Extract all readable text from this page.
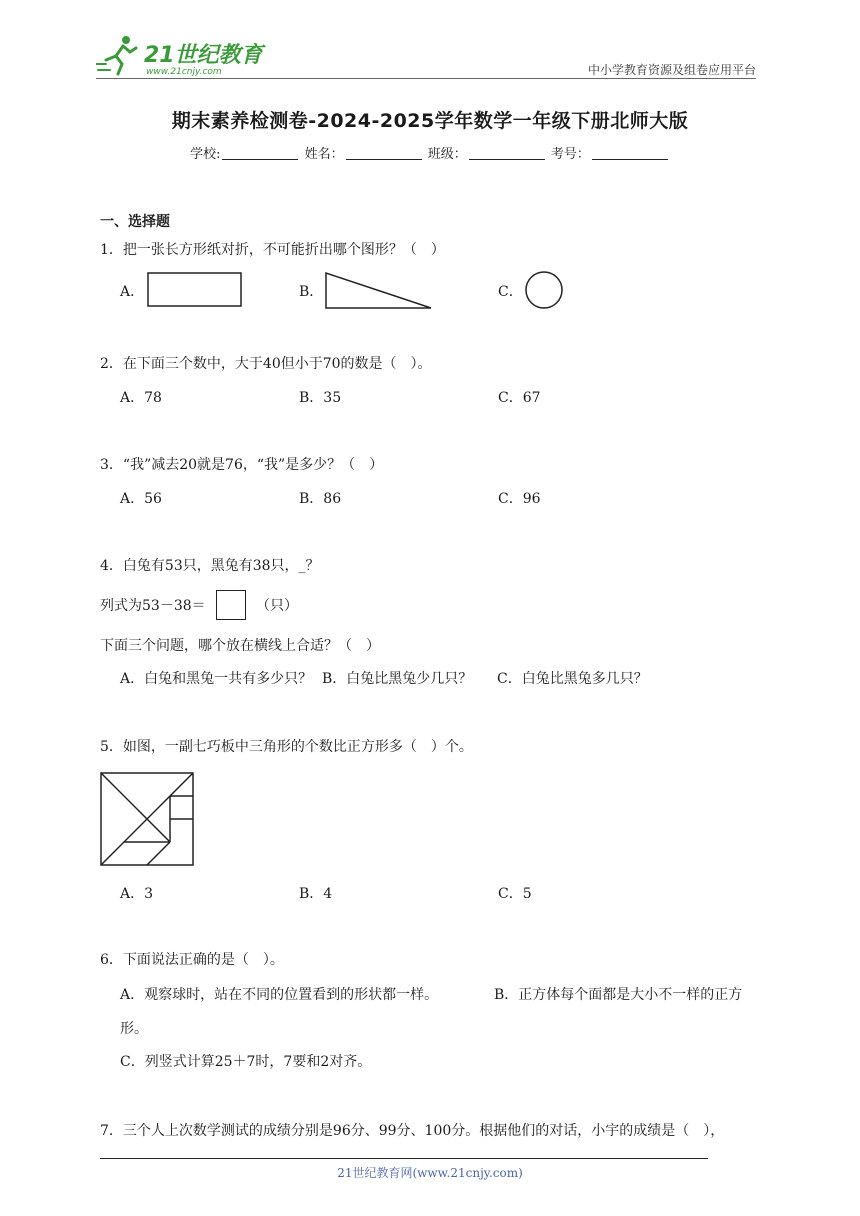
21世纪教育
www.21cnjy.com	中小学教育资源及组卷应用平台
期末素养检测卷-2024-2025学年数学一年级下册北师大版
学校:	姓名：	班级：	考号：
一、选择题
1．把一张长方形纸对折，不可能折出哪个图形？（　）
A．	B．	C．
2．在下面三个数中，大于40但小于70的数是（　）。
A．78	B．35	C．67
3．“我”减去20就是76，“我”是多少？（　）
A．56	B．86	C．96
4．白兔有53只，黑兔有38只，_？
列式为53－38＝	（只）
下面三个问题，哪个放在横线上合适？（　）
A．白兔和黑兔一共有多少只？ B．白兔比黑兔少几只？ C．白兔比黑兔多几只？
5．如图，一副七巧板中三角形的个数比正方形多（　）个。
A．3	B．4	C．5
6．下面说法正确的是（　）。
A．观察球时，站在不同的位置看到的形状都一样。	B．正方体每个面都是大小不一样的正方
形。
C．列竖式计算25＋7时，7要和2对齐。
7．三个人上次数学测试的成绩分别是96分、99分、100分。根据他们的对话，小宇的成绩是（　），
21世纪教育网(www.21cnjy.com)
